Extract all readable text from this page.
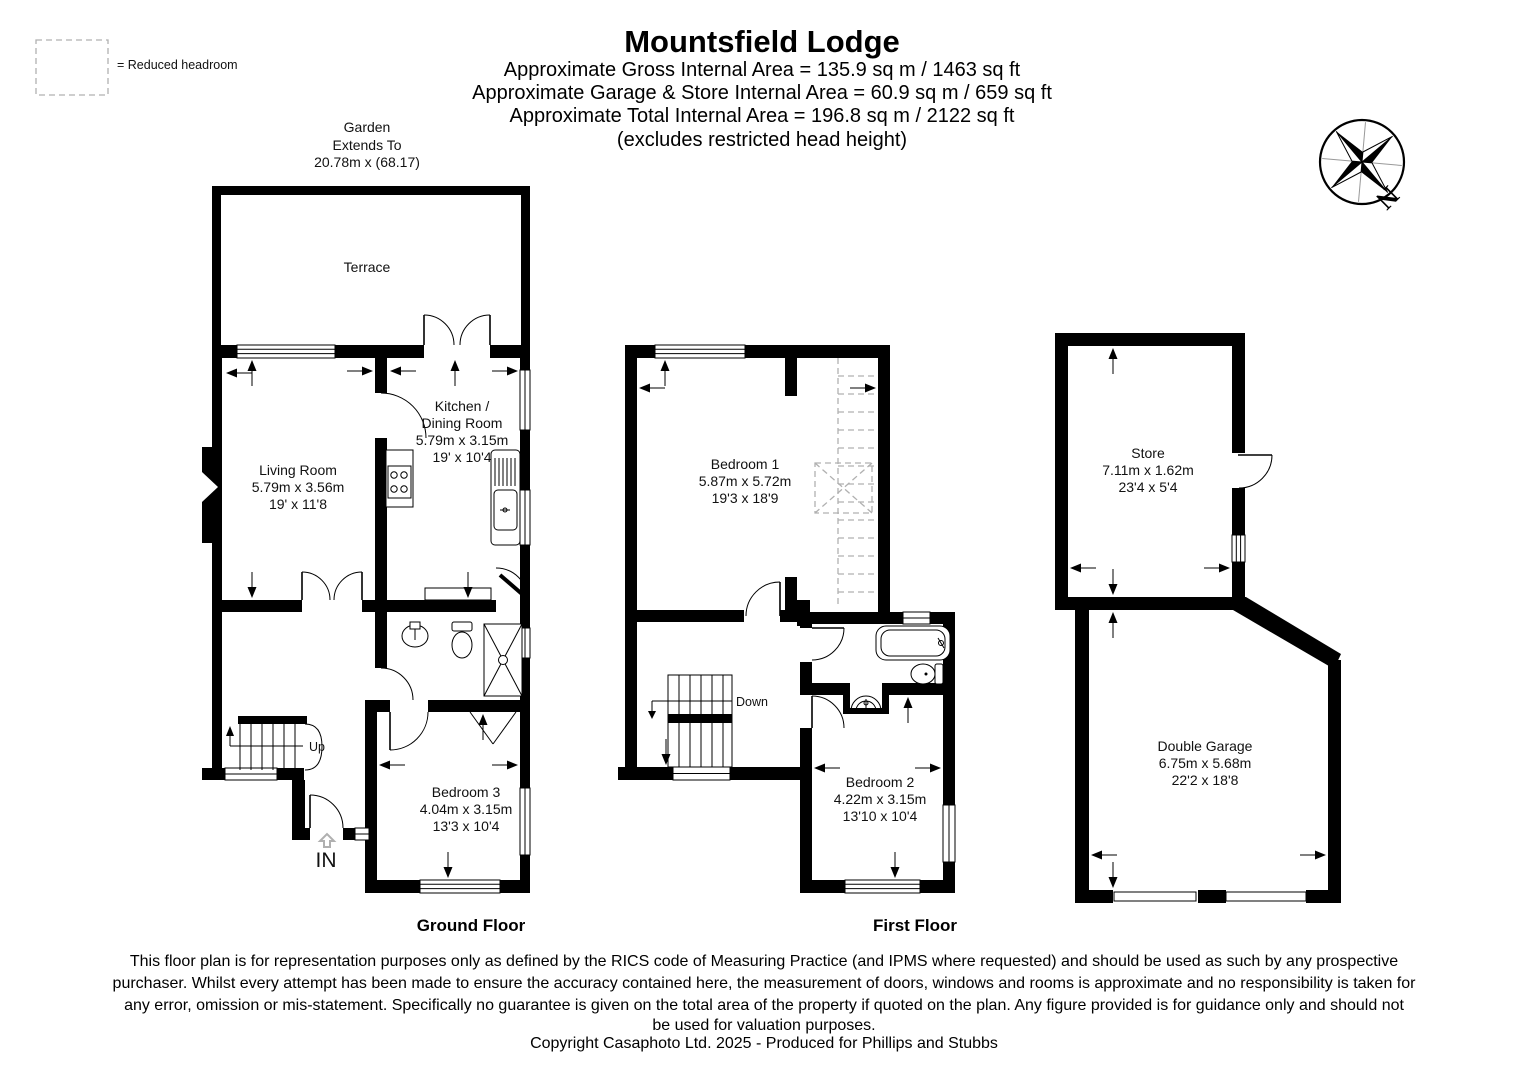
Mountsfield Lodge
Approximate Gross Internal Area = 135.9 sq m / 1463 sq ft
Approximate Garage & Store Internal Area = 60.9 sq m / 659 sq ft
Approximate Total Internal Area = 196.8 sq m / 2122 sq ft
(excludes restricted head height)
= Reduced headroom
Garden
Extends To
20.78m x (68.17)
N
Up
IN
Terrace
Living Room
5.79m x 3.56m
19' x 11'8
Kitchen /
Dining Room
5.79m x 3.15m
19' x 10'4
Bedroom 3
4.04m x 3.15m
13'3 x 10'4
Down
Bedroom 1
5.87m x 5.72m
19'3 x 18'9
Bedroom 2
4.22m x 3.15m
13'10 x 10'4
Store
7.11m x 1.62m
23'4 x 5'4
Double Garage
6.75m x 5.68m
22'2 x 18'8
Ground Floor	First Floor
This floor plan is for representation purposes only as defined by the RICS code of Measuring Practice (and IPMS where requested) and should be used as such by any prospective
purchaser. Whilst every attempt has been made to ensure the accuracy contained here, the measurement of doors, windows and rooms is approximate and no responsibility is taken for
any error, omission or mis-statement. Specifically no guarantee is given on the total area of the property if quoted on the plan. Any figure provided is for guidance only and should not
be used for valuation purposes.
Copyright Casaphoto Ltd. 2025 - Produced for Phillips and Stubbs
